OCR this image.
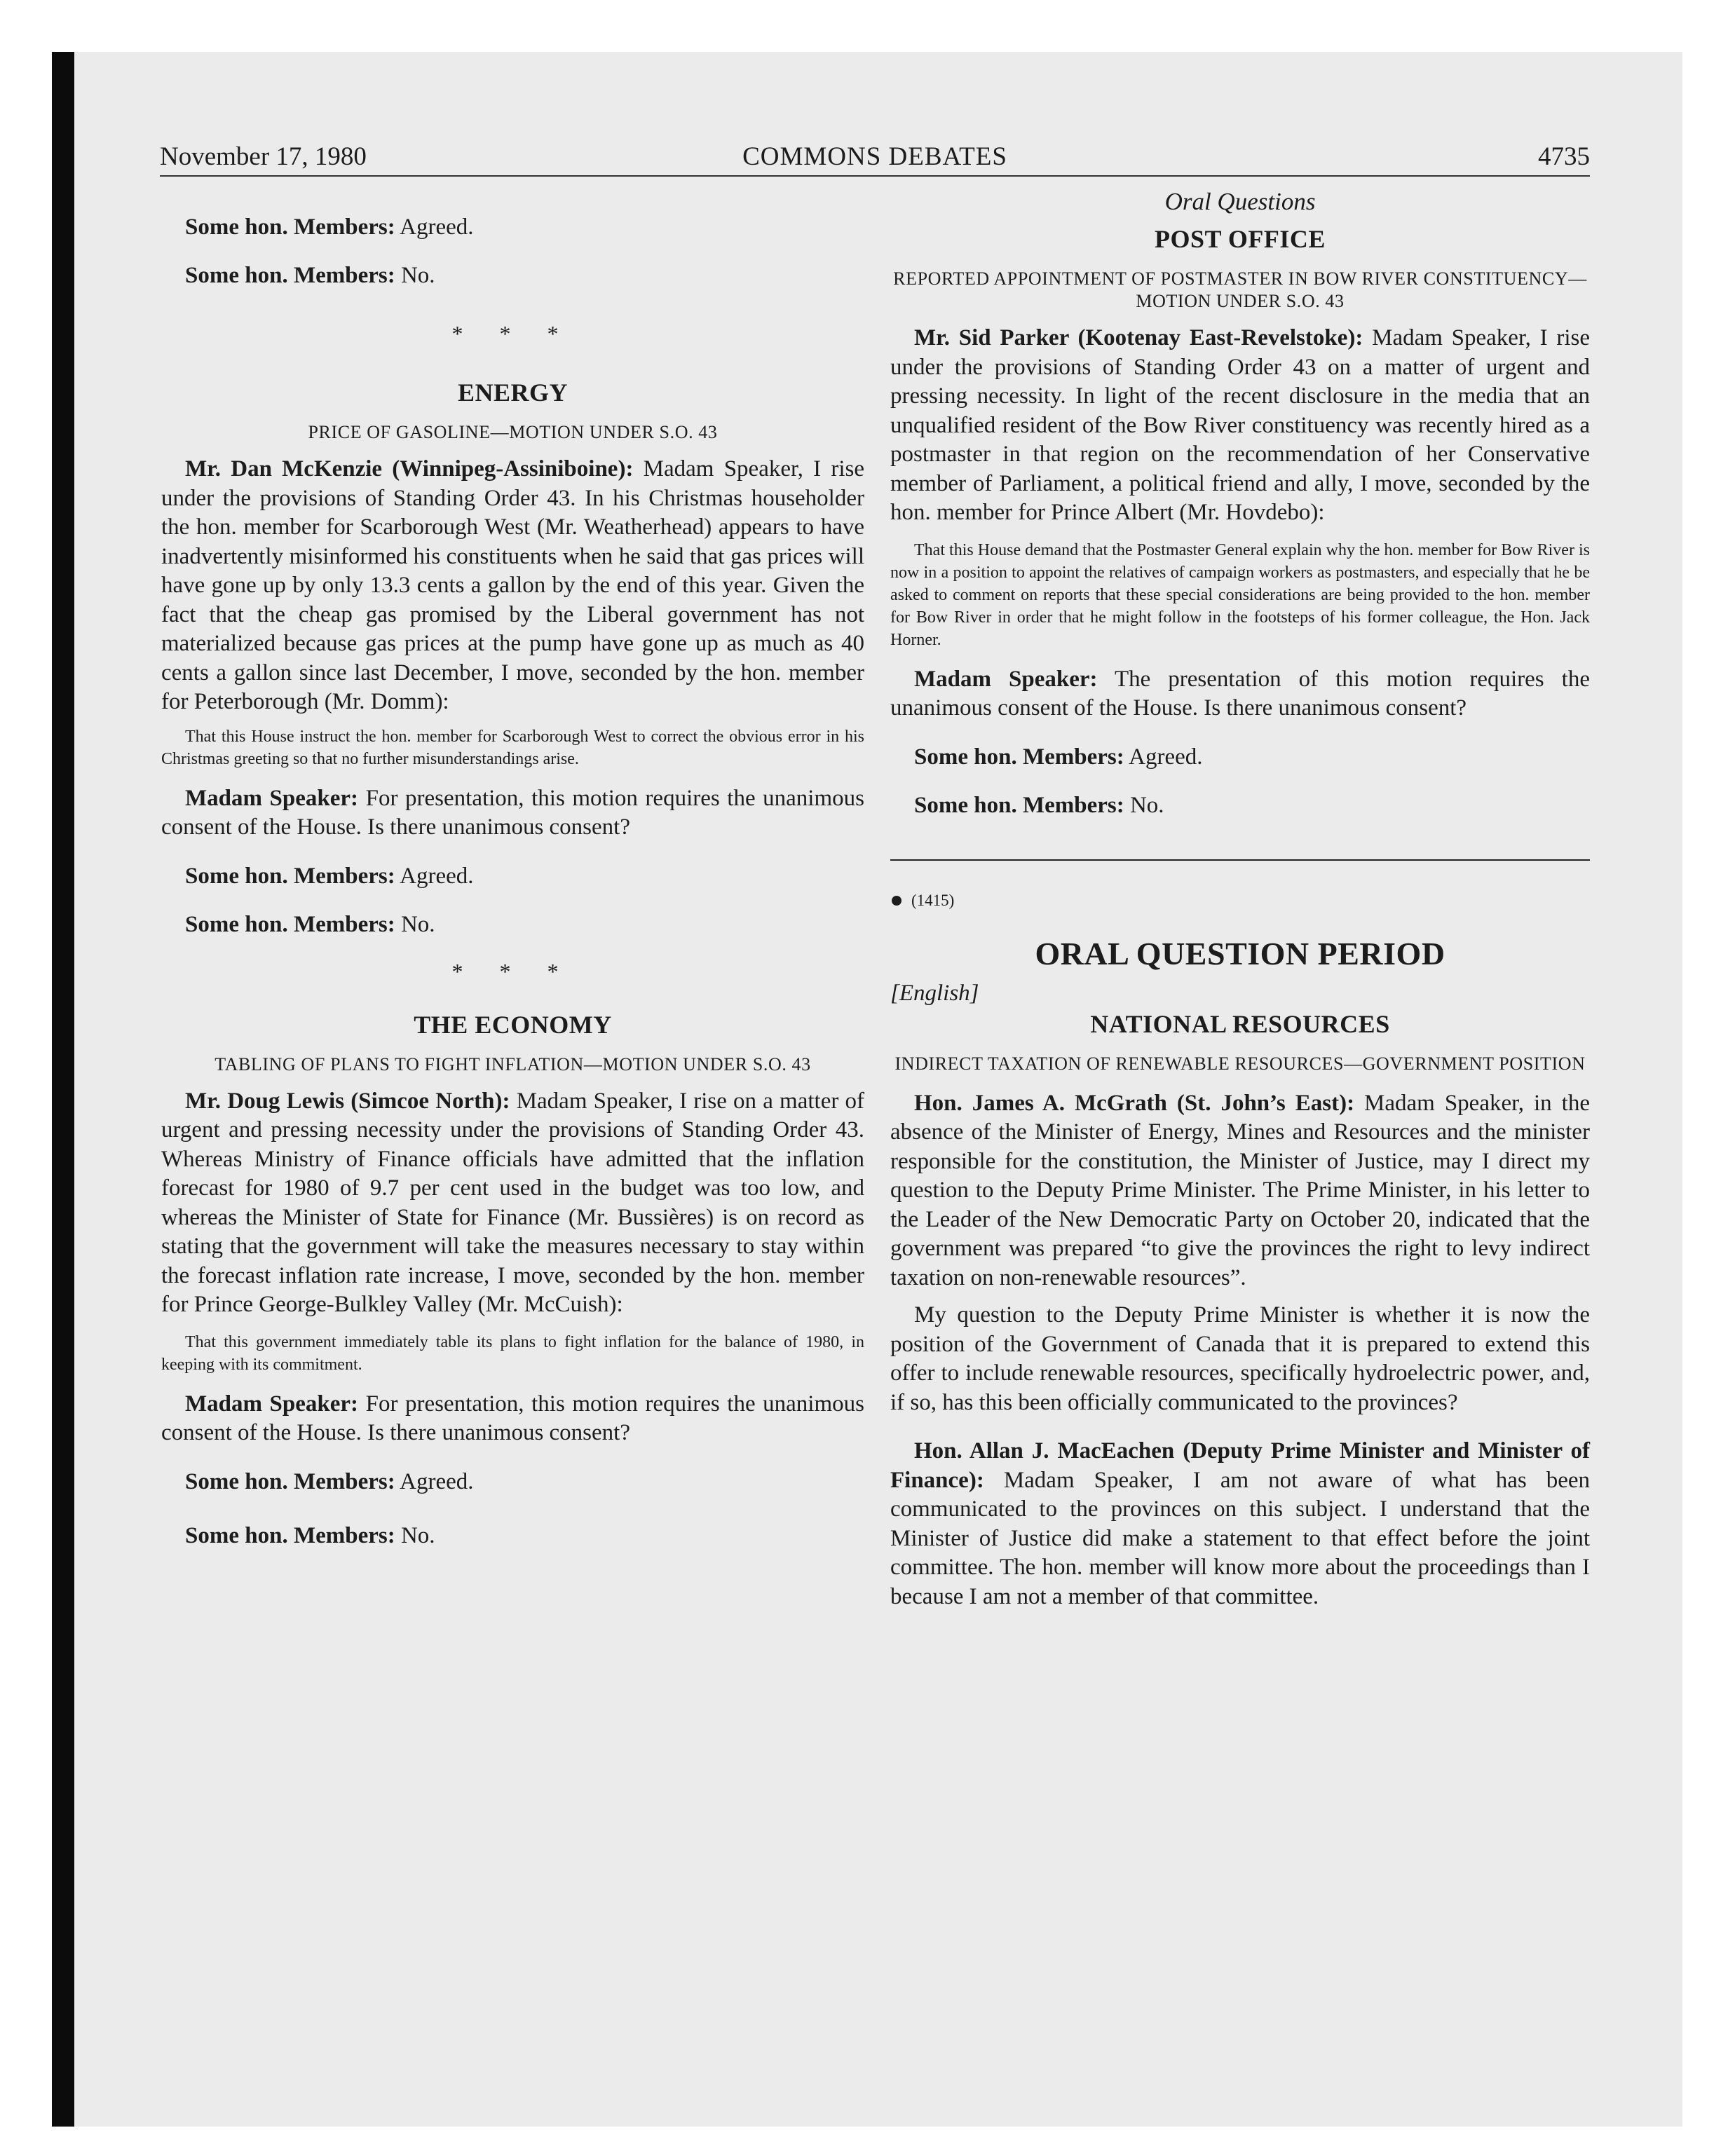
November 17, 1980	COMMONS DEBATES	4735

Some hon. Members: Agreed.

Some hon. Members: No.

* * *

ENERGY

PRICE OF GASOLINE—MOTION UNDER S.O. 43

Mr. Dan McKenzie (Winnipeg-Assiniboine): Madam Speaker, I rise under the provisions of Standing Order 43. In his Christmas householder the hon. member for Scarborough West (Mr. Weatherhead) appears to have inadvertently misinformed his constituents when he said that gas prices will have gone up by only 13.3 cents a gallon by the end of this year. Given the fact that the cheap gas promised by the Liberal government has not materialized because gas prices at the pump have gone up as much as 40 cents a gallon since last December, I move, seconded by the hon. member for Peterborough (Mr. Domm):

That this House instruct the hon. member for Scarborough West to correct the obvious error in his Christmas greeting so that no further misunderstandings arise.

Madam Speaker: For presentation, this motion requires the unanimous consent of the House. Is there unanimous consent?

Some hon. Members: Agreed.

Some hon. Members: No.

* * *

THE ECONOMY

TABLING OF PLANS TO FIGHT INFLATION—MOTION UNDER S.O. 43

Mr. Doug Lewis (Simcoe North): Madam Speaker, I rise on a matter of urgent and pressing necessity under the provisions of Standing Order 43. Whereas Ministry of Finance officials have admitted that the inflation forecast for 1980 of 9.7 per cent used in the budget was too low, and whereas the Minister of State for Finance (Mr. Bussières) is on record as stating that the government will take the measures necessary to stay within the forecast inflation rate increase, I move, seconded by the hon. member for Prince George-Bulkley Valley (Mr. McCuish):

That this government immediately table its plans to fight inflation for the balance of 1980, in keeping with its commitment.

Madam Speaker: For presentation, this motion requires the unanimous consent of the House. Is there unanimous consent?

Some hon. Members: Agreed.

Some hon. Members: No.

Oral Questions

POST OFFICE

REPORTED APPOINTMENT OF POSTMASTER IN BOW RIVER CONSTITUENCY—MOTION UNDER S.O. 43

Mr. Sid Parker (Kootenay East-Revelstoke): Madam Speaker, I rise under the provisions of Standing Order 43 on a matter of urgent and pressing necessity. In light of the recent disclosure in the media that an unqualified resident of the Bow River constituency was recently hired as a postmaster in that region on the recommendation of her Conservative member of Parliament, a political friend and ally, I move, seconded by the hon. member for Prince Albert (Mr. Hovdebo):

That this House demand that the Postmaster General explain why the hon. member for Bow River is now in a position to appoint the relatives of campaign workers as postmasters, and especially that he be asked to comment on reports that these special considerations are being provided to the hon. member for Bow River in order that he might follow in the footsteps of his former colleague, the Hon. Jack Horner.

Madam Speaker: The presentation of this motion requires the unanimous consent of the House. Is there unanimous consent?

Some hon. Members: Agreed.

Some hon. Members: No.

(1415)

ORAL QUESTION PERIOD

[English]

NATIONAL RESOURCES

INDIRECT TAXATION OF RENEWABLE RESOURCES—GOVERNMENT POSITION

Hon. James A. McGrath (St. John’s East): Madam Speaker, in the absence of the Minister of Energy, Mines and Resources and the minister responsible for the constitution, the Minister of Justice, may I direct my question to the Deputy Prime Minister. The Prime Minister, in his letter to the Leader of the New Democratic Party on October 20, indicated that the government was prepared “to give the provinces the right to levy indirect taxation on non-renewable resources”.

My question to the Deputy Prime Minister is whether it is now the position of the Government of Canada that it is prepared to extend this offer to include renewable resources, specifically hydroelectric power, and, if so, has this been officially communicated to the provinces?

Hon. Allan J. MacEachen (Deputy Prime Minister and Minister of Finance): Madam Speaker, I am not aware of what has been communicated to the provinces on this subject. I understand that the Minister of Justice did make a statement to that effect before the joint committee. The hon. member will know more about the proceedings than I because I am not a member of that committee.
